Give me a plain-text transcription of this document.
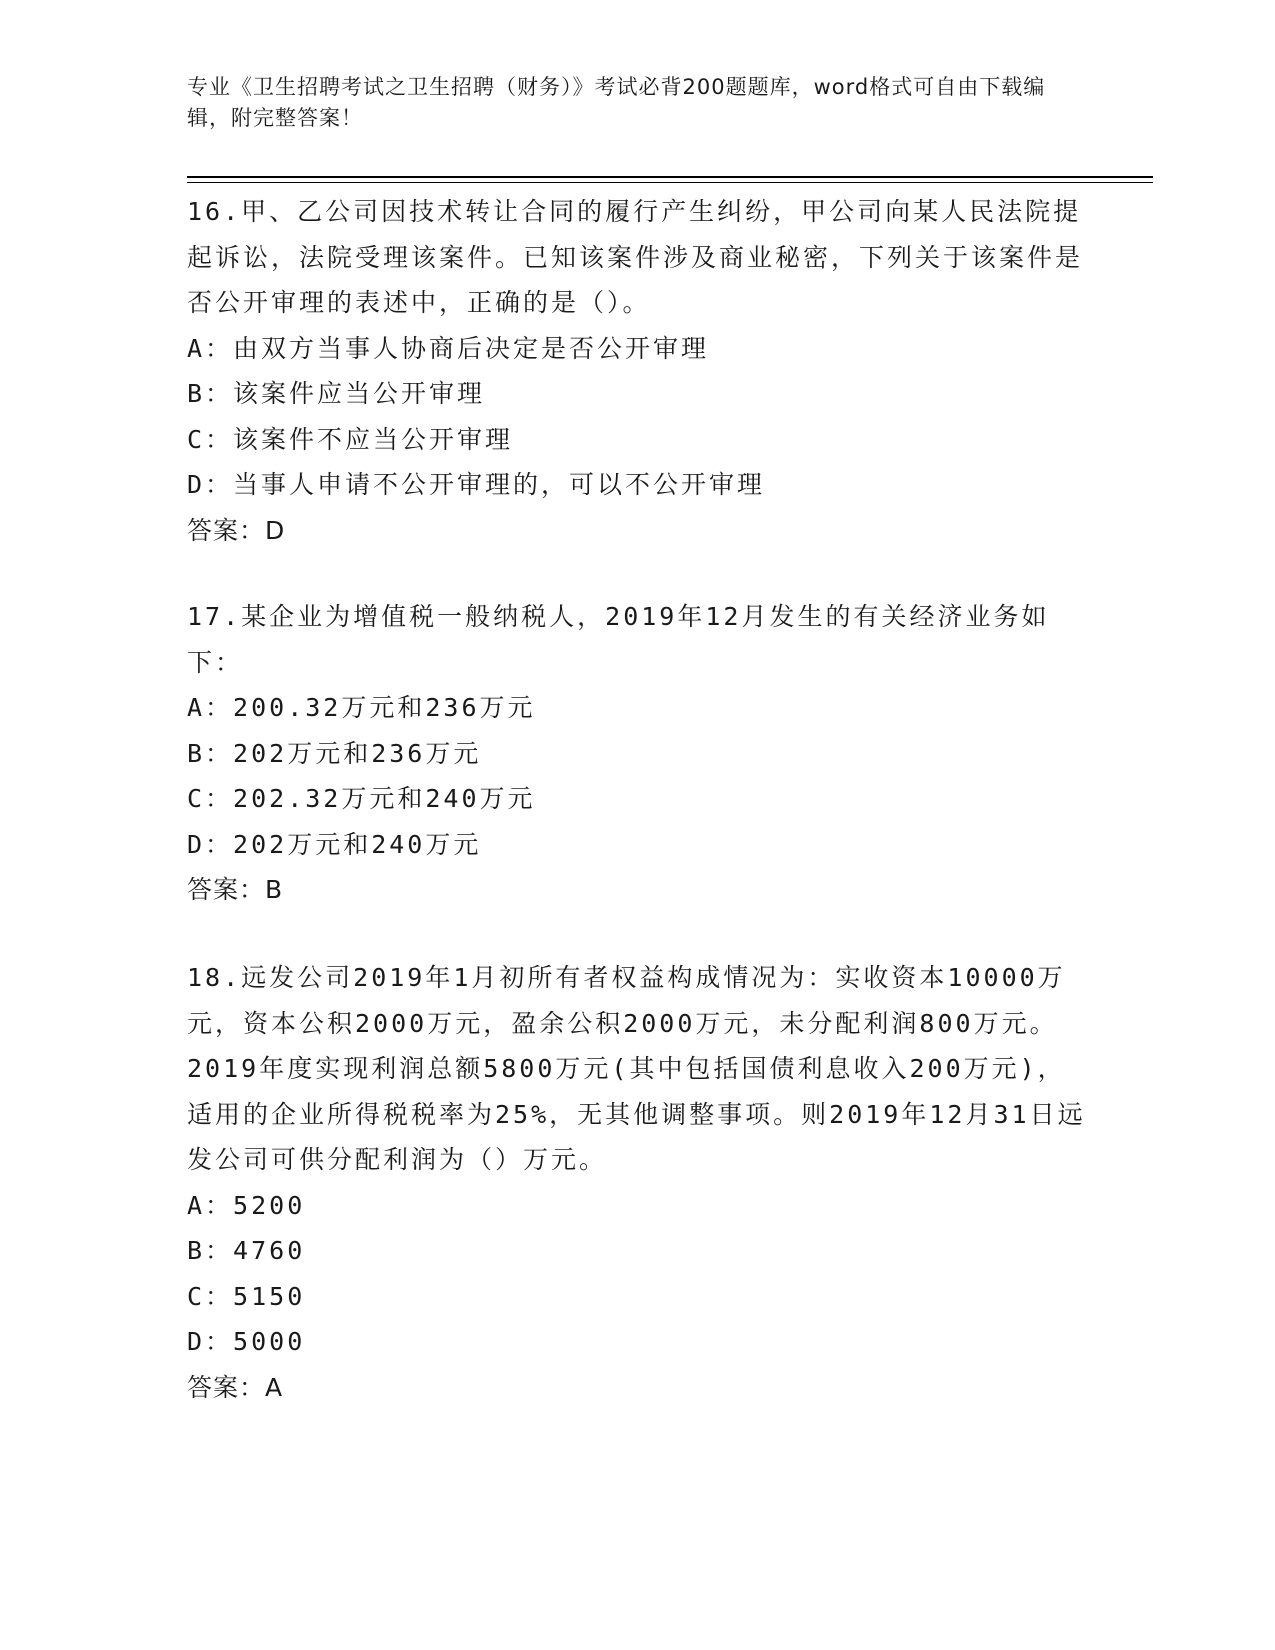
专业《卫生招聘考试之卫生招聘（财务）》考试必背200题题库，word格式可自由下载编辑，附完整答案！
16.甲、乙公司因技术转让合同的履行产生纠纷，甲公司向某人民法院提起诉讼，法院受理该案件。已知该案件涉及商业秘密，下列关于该案件是否公开审理的表述中，正确的是（）。
A：由双方当事人协商后决定是否公开审理
B：该案件应当公开审理
C：该案件不应当公开审理
D：当事人申请不公开审理的，可以不公开审理
答案：D
17.某企业为增值税一般纳税人，2019年12月发生的有关经济业务如下：
A：200.32万元和236万元
B：202万元和236万元
C：202.32万元和240万元
D：202万元和240万元
答案：B
18.远发公司2019年1月初所有者权益构成情况为：实收资本10000万元，资本公积2000万元，盈余公积2000万元，未分配利润800万元。2019年度实现利润总额5800万元(其中包括国债利息收入200万元)，适用的企业所得税税率为25%，无其他调整事项。则2019年12月31日远发公司可供分配利润为（）万元。
A：5200
B：4760
C：5150
D：5000
答案：A
